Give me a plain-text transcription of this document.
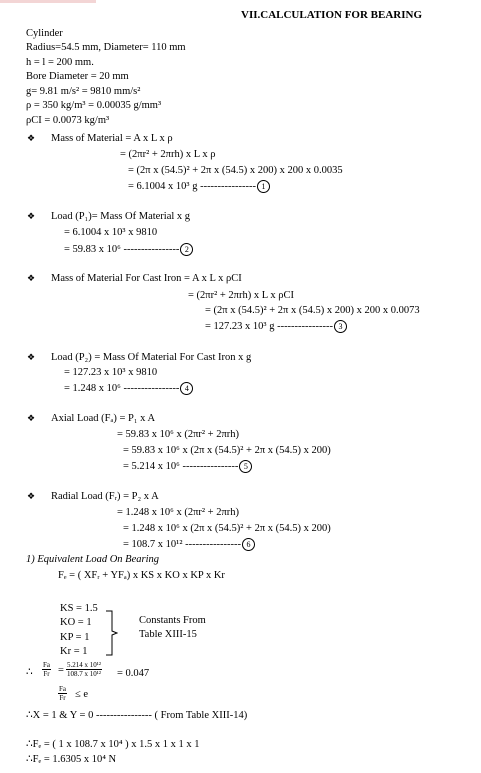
VII.CALCULATION FOR BEARING
Cylinder
Radius=54.5 mm, Diameter= 110 mm
h = l = 200 mm.
Bore Diameter = 20 mm
g= 9.81 m/s² = 9810 mm/s²
ρ = 350 kg/m³ = 0.00035 g/mm³
ρCI = 0.0073 kg/m³
❖ Mass of Material = A x L x ρ
= (2πr² + 2πrh) x L x ρ
= (2π x (54.5)² + 2π x (54.5) x 200) x 200 x 0.0035
= 6.1004 x 10³ g ---------------- 1
❖ Load (P₁)= Mass Of Material x g
= 6.1004 x 10³ x 9810
= 59.83 x 10⁶ ---------------- 2
❖ Mass of Material For Cast Iron = A x L x ρCI
= (2πr² + 2πrh) x L x ρCI
= (2π x (54.5)² + 2π x (54.5) x 200) x 200 x 0.0073
= 127.23 x 10³ g ---------------- 3
❖ Load (P₂) = Mass Of Material For Cast Iron x g
= 127.23 x 10³ x 9810
= 1.248 x 10⁶ ---------------- 4
❖ Axial Load (Fₐ) = P₁ x A
= 59.83 x 10⁶ x (2πr² + 2πrh)
= 59.83 x 10⁶ x (2π x (54.5)² + 2π x (54.5) x 200)
= 5.214 x 10⁶ ---------------- 5
❖ Radial Load (Fᵣ) = P₂ x A
= 1.248 x 10⁶ x (2πr² + 2πrh)
= 1.248 x 10⁶ x (2π x (54.5)² + 2π x (54.5) x 200)
= 108.7 x 10¹² ---------------- 6
1) Equivalent Load On Bearing
Fₑ = ( XFᵣ + YFₐ) x KS x KO x KP x Kr
KS = 1.5
KO = 1
KP = 1
Kr = 1
Constants From
Table XIII-15
∴ $\frac{Fa}{Fr} = \frac{\text{5.214 x 10¹²}}{\text{108.7 x 10¹²}} = 0.047$
$\frac{Fa}{Fr} \le e$
∴X = 1 & Y = 0 ---------------- ( From Table XIII-14)
∴Fₑ = ( 1 x 108.7 x 10⁴ ) x 1.5 x 1 x 1 x 1
∴Fₑ = 1.6305 x 10⁴ N
